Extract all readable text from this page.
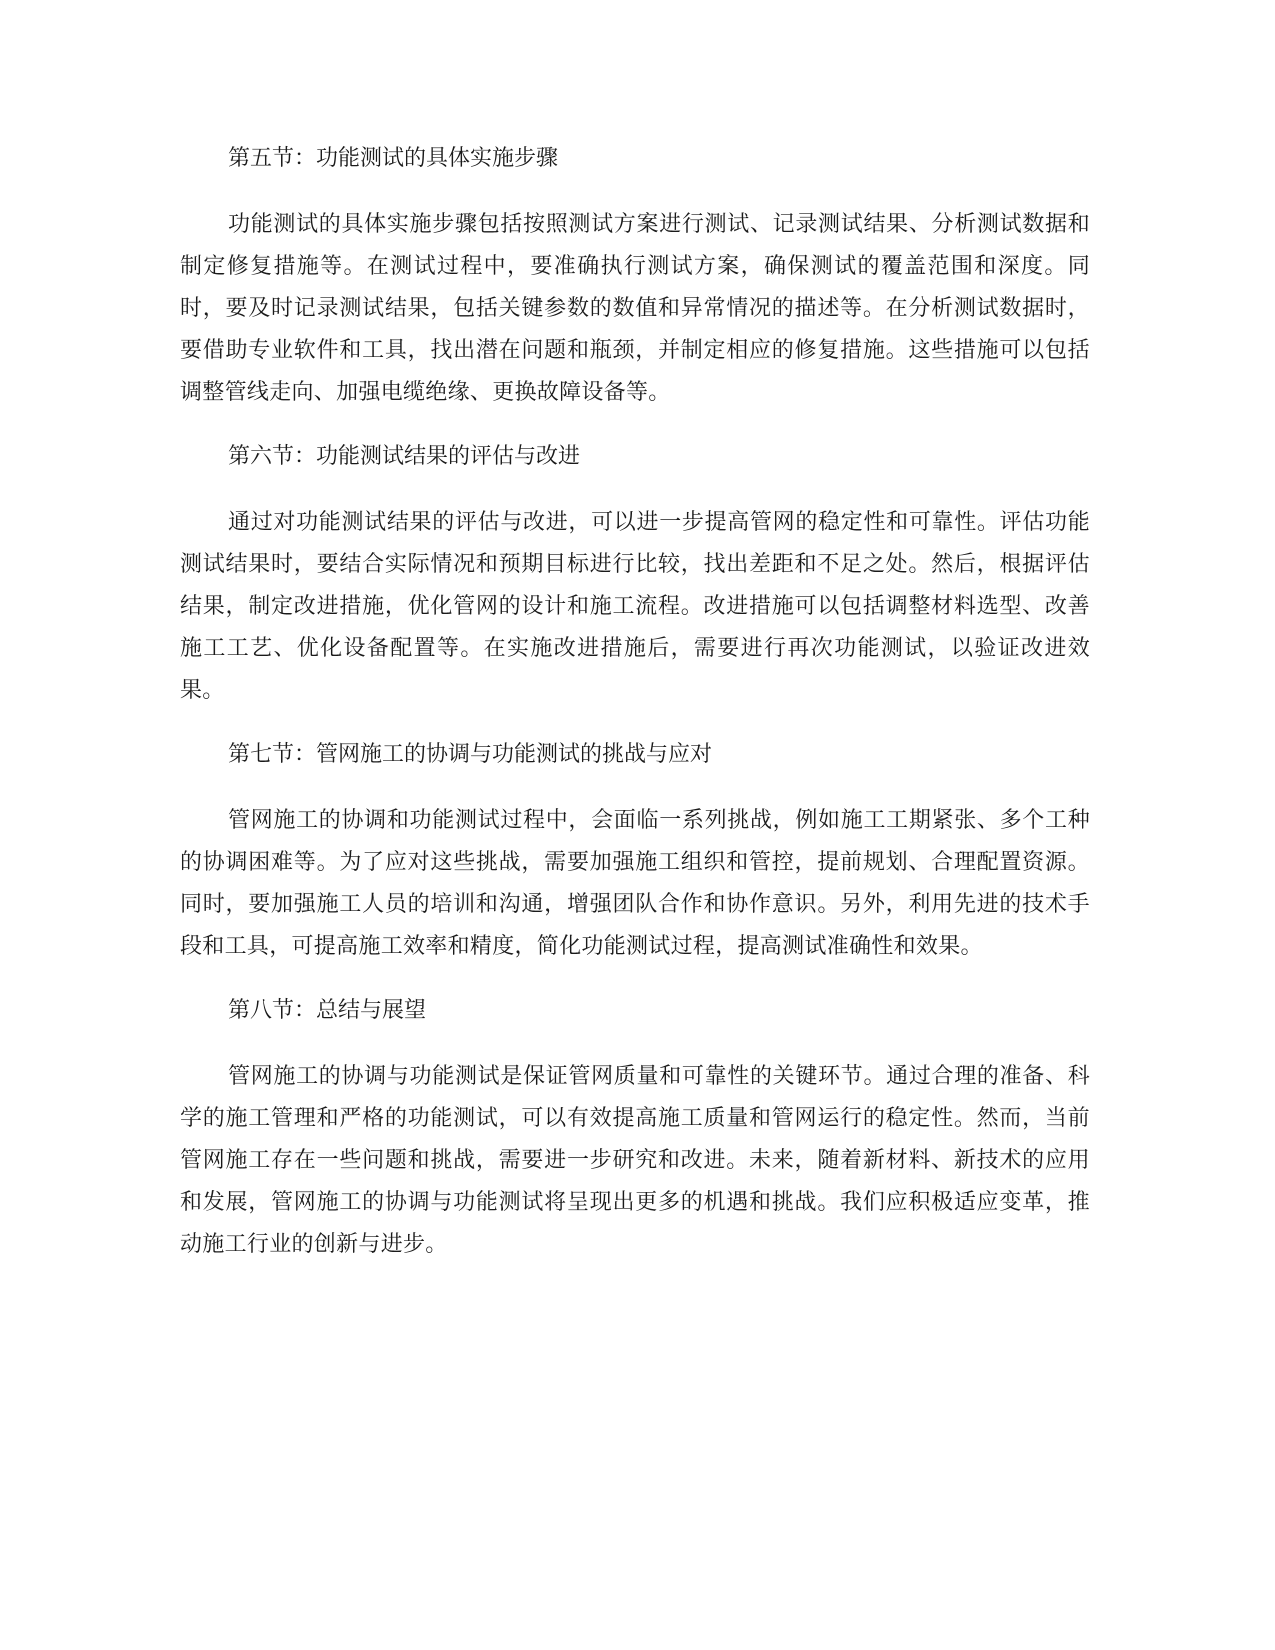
第五节：功能测试的具体实施步骤

功能测试的具体实施步骤包括按照测试方案进行测试、记录测试结果、分析测试数据和制定修复措施等。在测试过程中，要准确执行测试方案，确保测试的覆盖范围和深度。同时，要及时记录测试结果，包括关键参数的数值和异常情况的描述等。在分析测试数据时，要借助专业软件和工具，找出潜在问题和瓶颈，并制定相应的修复措施。这些措施可以包括调整管线走向、加强电缆绝缘、更换故障设备等。

第六节：功能测试结果的评估与改进

通过对功能测试结果的评估与改进，可以进一步提高管网的稳定性和可靠性。评估功能测试结果时，要结合实际情况和预期目标进行比较，找出差距和不足之处。然后，根据评估结果，制定改进措施，优化管网的设计和施工流程。改进措施可以包括调整材料选型、改善施工工艺、优化设备配置等。在实施改进措施后，需要进行再次功能测试，以验证改进效果。

第七节：管网施工的协调与功能测试的挑战与应对

管网施工的协调和功能测试过程中，会面临一系列挑战，例如施工工期紧张、多个工种的协调困难等。为了应对这些挑战，需要加强施工组织和管控，提前规划、合理配置资源。同时，要加强施工人员的培训和沟通，增强团队合作和协作意识。另外，利用先进的技术手段和工具，可提高施工效率和精度，简化功能测试过程，提高测试准确性和效果。

第八节：总结与展望

管网施工的协调与功能测试是保证管网质量和可靠性的关键环节。通过合理的准备、科学的施工管理和严格的功能测试，可以有效提高施工质量和管网运行的稳定性。然而，当前管网施工存在一些问题和挑战，需要进一步研究和改进。未来，随着新材料、新技术的应用和发展，管网施工的协调与功能测试将呈现出更多的机遇和挑战。我们应积极适应变革，推动施工行业的创新与进步。
